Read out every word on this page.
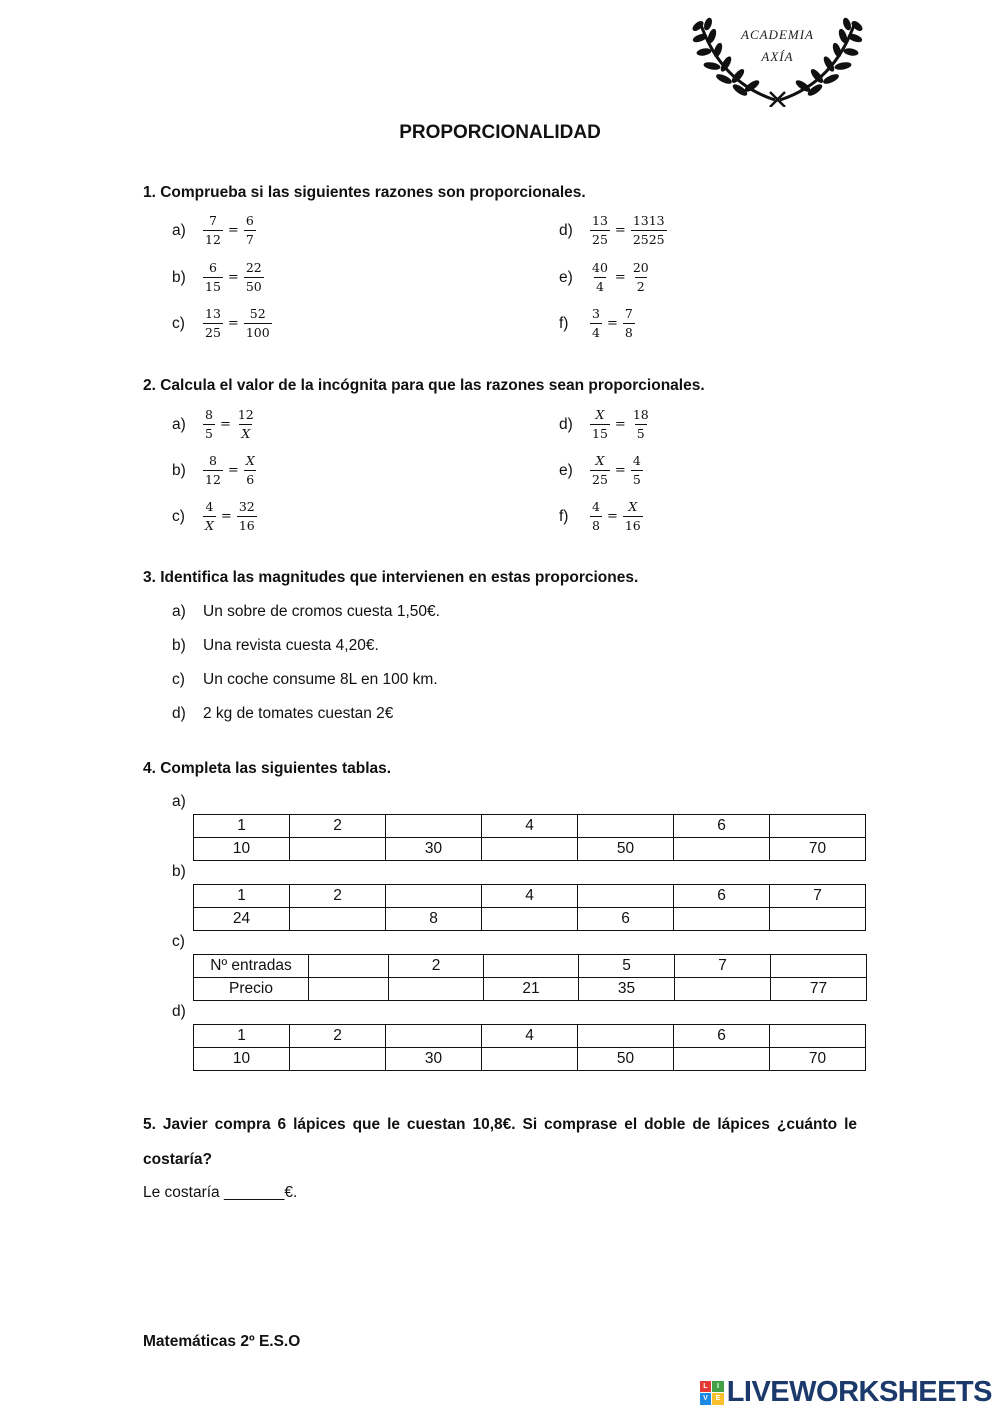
ACADEMIA
AXÍA
PROPORCIONALIDAD
1. Comprueba si las siguientes razones son proporcionales.
a)	$\frac{7}{12} = \frac{6}{7}$
b)	$\frac{6}{15} = \frac{22}{50}$
c)	$\frac{13}{25} = \frac{52}{100}$
d)	$\frac{13}{25} = \frac{1313}{2525}$
e)	$\frac{40}{4} = \frac{20}{2}$
f)	$\frac{3}{4} = \frac{7}{8}$
2. Calcula el valor de la incógnita para que las razones sean proporcionales.
a)	$\frac{8}{5} = \frac{12}{X}$
b)	$\frac{8}{12} = \frac{X}{6}$
c)	$\frac{4}{X} = \frac{32}{16}$
d)	$\frac{X}{15} = \frac{18}{5}$
e)	$\frac{X}{25} = \frac{4}{5}$
f)	$\frac{4}{8} = \frac{X}{16}$
3. Identifica las magnitudes que intervienen en estas proporciones.
a) Un sobre de cromos cuesta 1,50€.
b) Una revista cuesta 4,20€.
c) Un coche consume 8L en 100 km.
d) 2 kg de tomates cuestan 2€
4. Completa las siguientes tablas.
a)
1	2		4		6	
10		30		50		70
b)
1	2		4		6	7
24		8		6		
c)
Nº entradas		2		5	7	
Precio			21	35		77
d)
1	2		4		6	
10		30		50		70
5. Javier compra 6 lápices que le cuestan 10,8€. Si comprase el doble de lápices ¿cuánto le
costaría?
Le costaría _______€.
Matemáticas 2º E.S.O
L	I
V	E LIVEWORKSHEETS
